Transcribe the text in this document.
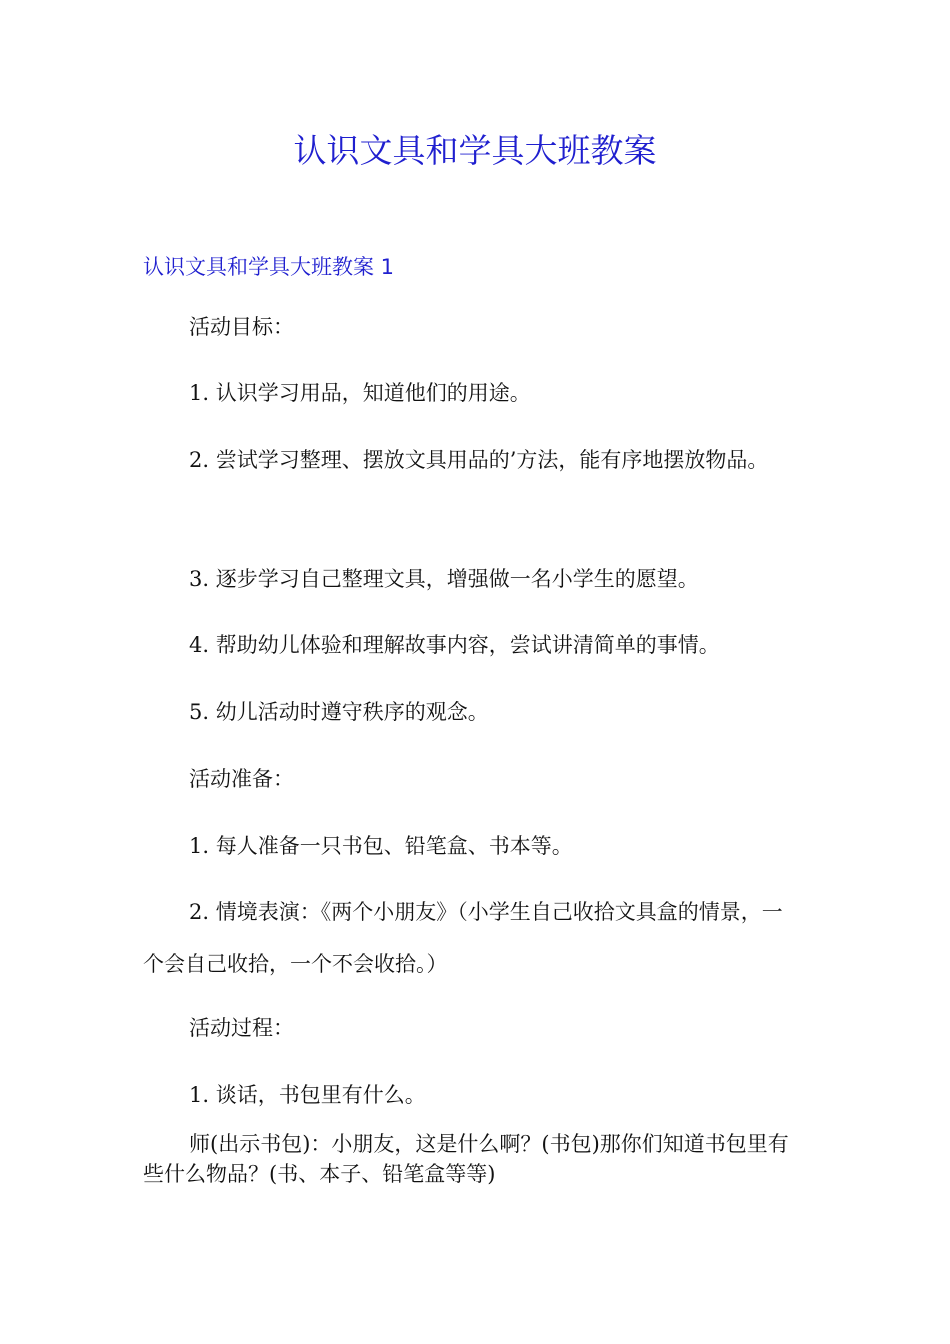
认识文具和学具大班教案
认识文具和学具大班教案 1

活动目标：

1. 认识学习用品，知道他们的用途。

2. 尝试学习整理、摆放文具用品的’方法，能有序地摆放物品。

3. 逐步学习自己整理文具，增强做一名小学生的愿望。

4. 帮助幼儿体验和理解故事内容，尝试讲清简单的事情。

5. 幼儿活动时遵守秩序的观念。

活动准备：

1. 每人准备一只书包、铅笔盒、书本等。

2. 情境表演：《两个小朋友》（小学生自己收拾文具盒的情景，一个会自己收拾，一个不会收拾。）

活动过程：

1. 谈话，书包里有什么。

师(出示书包)：小朋友，这是什么啊？(书包)那你们知道书包里有些什么物品？(书、本子、铅笔盒等等)
